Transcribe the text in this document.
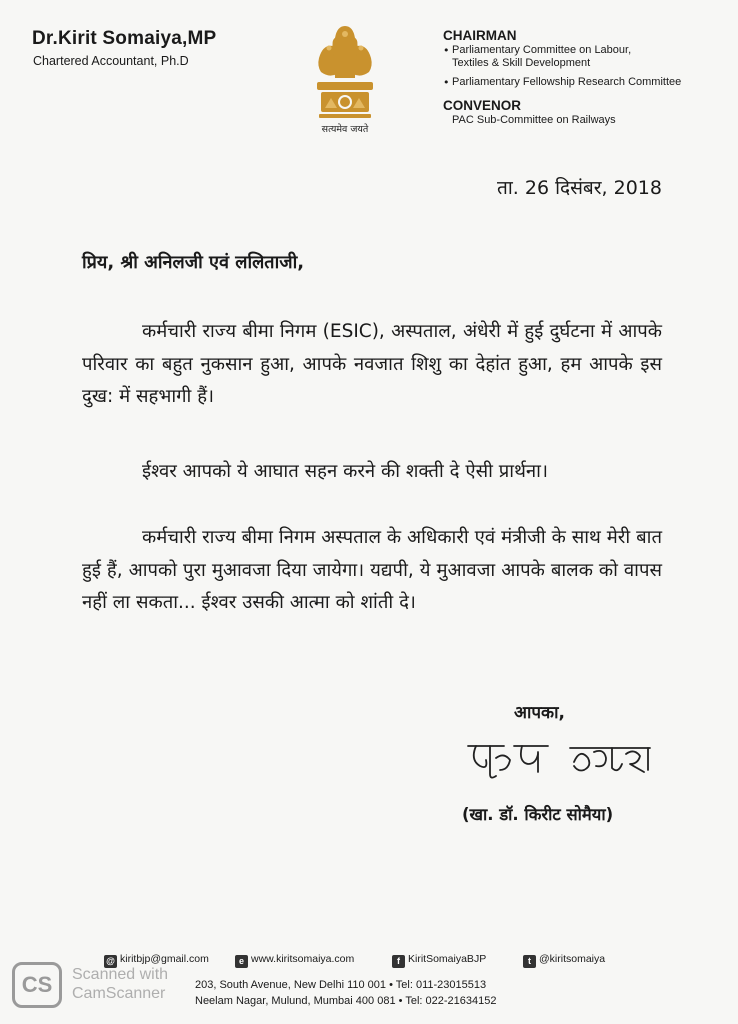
Dr.Kirit Somaiya,MP
Chartered Accountant, Ph.D
सत्यमेव जयते
CHAIRMAN
• Parliamentary Committee on Labour,
Textiles & Skill Development
• Parliamentary Fellowship Research Committee
CONVENOR
PAC Sub-Committee on Railways
ता. 26 दिसंबर, 2018
प्रिय, श्री अनिलजी एवं ललिताजी,
कर्मचारी राज्य बीमा निगम (ESIC), अस्पताल, अंधेरी में हुई दुर्घटना में आपके परिवार का बहुत नुकसान हुआ, आपके नवजात शिशु का देहांत हुआ, हम आपके इस दुख: में सहभागी हैं।
ईश्वर आपको ये आघात सहन करने की शक्ती दे ऐसी प्रार्थना।
कर्मचारी राज्य बीमा निगम अस्पताल के अधिकारी एवं मंत्रीजी के साथ मेरी बात हुई हैं, आपको पुरा मुआवजा दिया जायेगा। यद्यपी, ये मुआवजा आपके बालक को वापस नहीं ला सकता... ईश्वर उसकी आत्मा को शांती दे।
आपका,
(खा. डॉ. किरीट सोमैया)
@ kiritbjp@gmail.com	e www.kiritsomaiya.com	f KiritSomaiyaBJP	t @kiritsomaiya
203, South Avenue, New Delhi 110 001 • Tel: 011-23015513
Neelam Nagar, Mulund, Mumbai 400 081 • Tel: 022-21634152
CS	Scanned with
CamScanner
